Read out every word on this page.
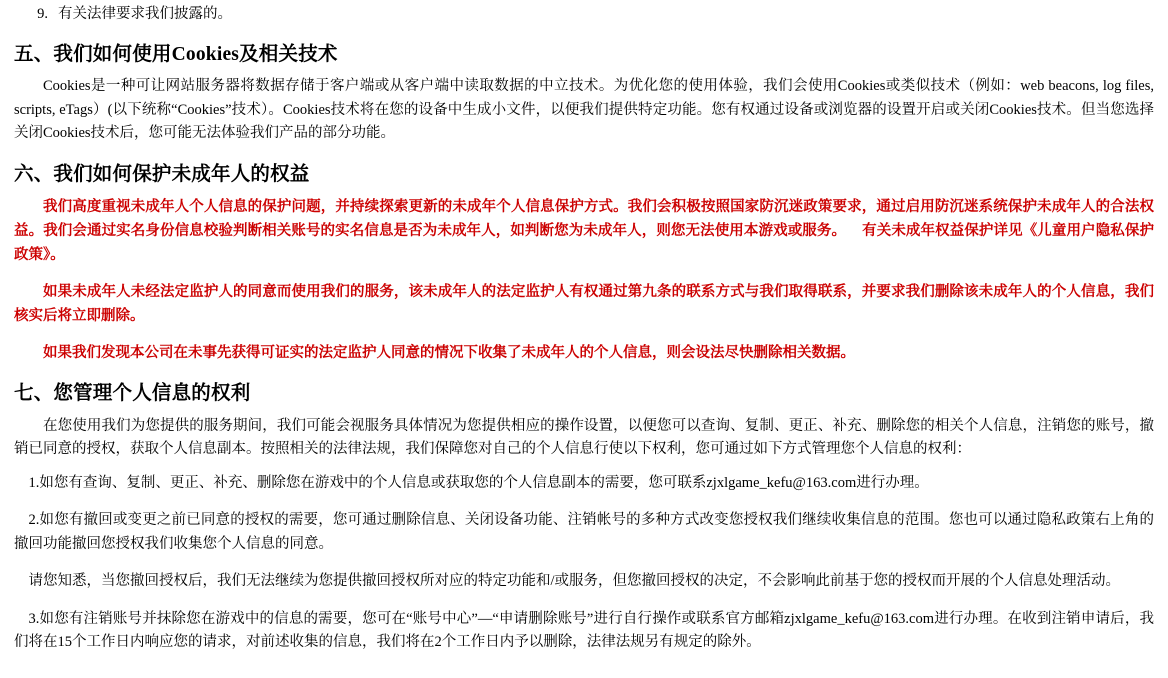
9. 有关法律要求我们披露的。
五、我们如何使用Cookies及相关技术

Cookies是一种可让网站服务器将数据存储于客户端或从客户端中读取数据的中立技术。为优化您的使用体验，我们会使用Cookies或类似技术（例如：web beacons, log files, scripts, eTags）(以下统称“Cookies”技术）。Cookies技术将在您的设备中生成小文件，以便我们提供特定功能。您有权通过设备或浏览器的设置开启或关闭Cookies技术。但当您选择关闭Cookies技术后，您可能无法体验我们产品的部分功能。

六、我们如何保护未成年人的权益

我们高度重视未成年人个人信息的保护问题，并持续探索更新的未成年个人信息保护方式。我们会积极按照国家防沉迷政策要求，通过启用防沉迷系统保护未成年人的合法权益。我们会通过实名身份信息校验判断相关账号的实名信息是否为未成年人，如判断您为未成年人，则您无法使用本游戏或服务。 有关未成年权益保护详见《儿童用户隐私保护政策》。

如果未成年人未经法定监护人的同意而使用我们的服务，该未成年人的法定监护人有权通过第九条的联系方式与我们取得联系，并要求我们删除该未成年人的个人信息，我们核实后将立即删除。

如果我们发现本公司在未事先获得可证实的法定监护人同意的情况下收集了未成年人的个人信息，则会设法尽快删除相关数据。

七、您管理个人信息的权利

在您使用我们为您提供的服务期间，我们可能会视服务具体情况为您提供相应的操作设置，以便您可以查询、复制、更正、补充、删除您的相关个人信息，注销您的账号，撤销已同意的授权，获取个人信息副本。按照相关的法律法规，我们保障您对自己的个人信息行使以下权利，您可通过如下方式管理您个人信息的权利：

1.如您有查询、复制、更正、补充、删除您在游戏中的个人信息或获取您的个人信息副本的需要，您可联系zjxlgame_kefu@163.com进行办理。

2.如您有撤回或变更之前已同意的授权的需要，您可通过删除信息、关闭设备功能、注销帐号的多种方式改变您授权我们继续收集信息的范围。您也可以通过隐私政策右上角的撤回功能撤回您授权我们收集您个人信息的同意。

请您知悉，当您撤回授权后，我们无法继续为您提供撤回授权所对应的特定功能和/或服务，但您撤回授权的决定，不会影响此前基于您的授权而开展的个人信息处理活动。

3.如您有注销账号并抹除您在游戏中的信息的需要，您可在“账号中心”—“申请删除账号”进行自行操作或联系官方邮箱zjxlgame_kefu@163.com进行办理。在收到注销申请后，我们将在15个工作日内响应您的请求，对前述收集的信息，我们将在2个工作日内予以删除，法律法规另有规定的除外。
